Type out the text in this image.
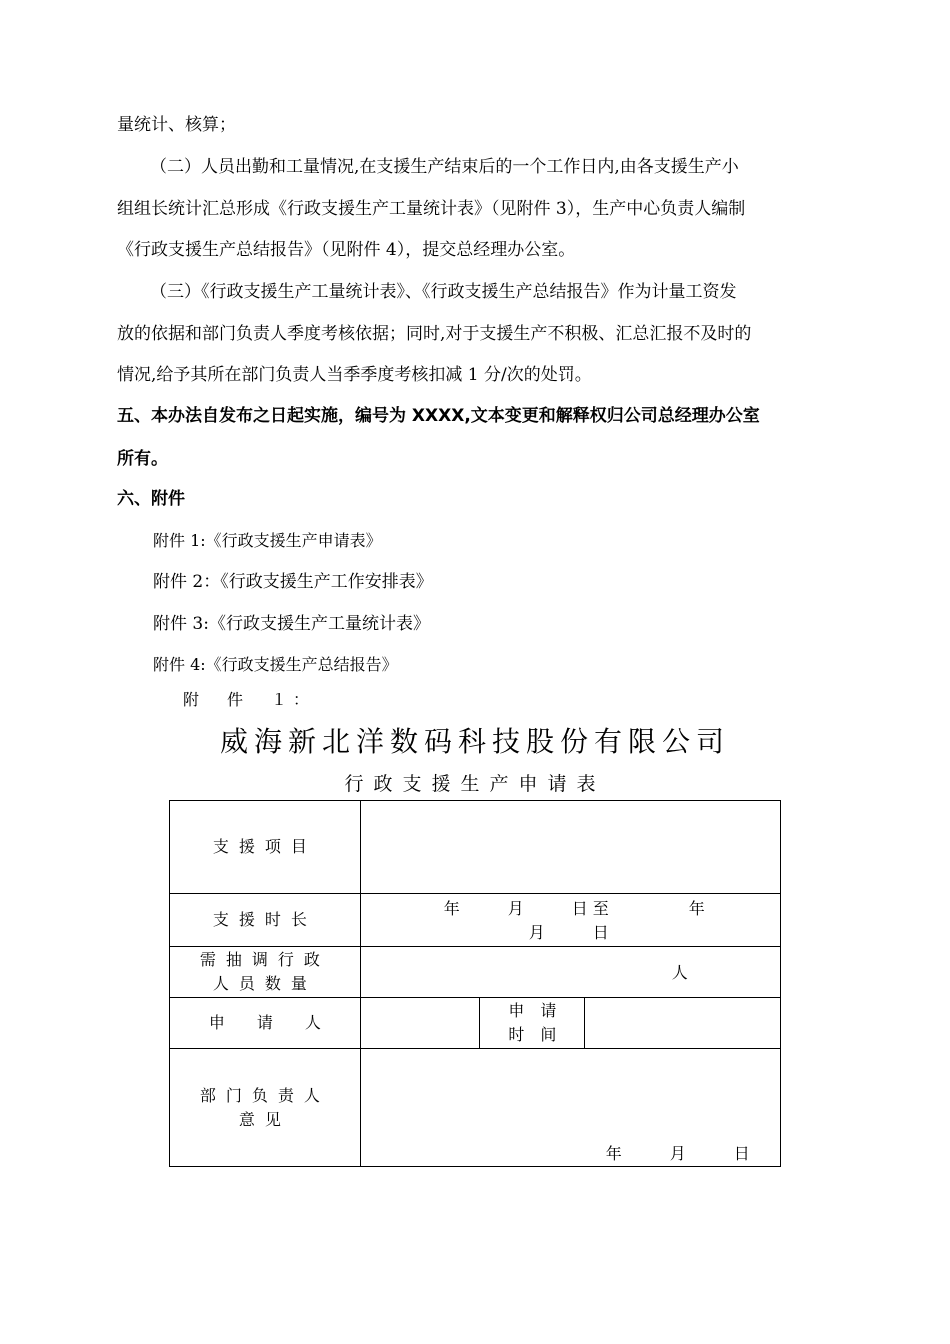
量统计、核算；
（二）人员出勤和工量情况,在支援生产结束后的一个工作日内,由各支援生产小
组组长统计汇总形成《行政支援生产工量统计表》（见附件 3），生产中心负责人编制
《行政支援生产总结报告》（见附件 4），提交总经理办公室。
（三）《行政支援生产工量统计表》、《行政支援生产总结报告》作为计量工资发
放的依据和部门负责人季度考核依据；同时,对于支援生产不积极、汇总汇报不及时的
情况,给予其所在部门负责人当季季度考核扣减 1 分/次的处罚。
五、本办法自发布之日起实施，编号为 XXXX,文本变更和解释权归公司总经理办公室
所有。
六、附件
附件 1:《行政支援生产申请表》
附件 2：《行政支援生产工作安排表》
附件 3:《行政支援生产工量统计表》
附件 4:《行政支援生产总结报告》
附　件　１：
威海新北洋数码科技股份有限公司
行政支援生产申请表
支援项目			
支援时长	年　　　月　　　日 至　　　　　年
月　　　日		

需抽调行政
人员数量	人		

申　　请　　人		申　请
时　间	

部门负责人
意见	年　　　月　　　日		
